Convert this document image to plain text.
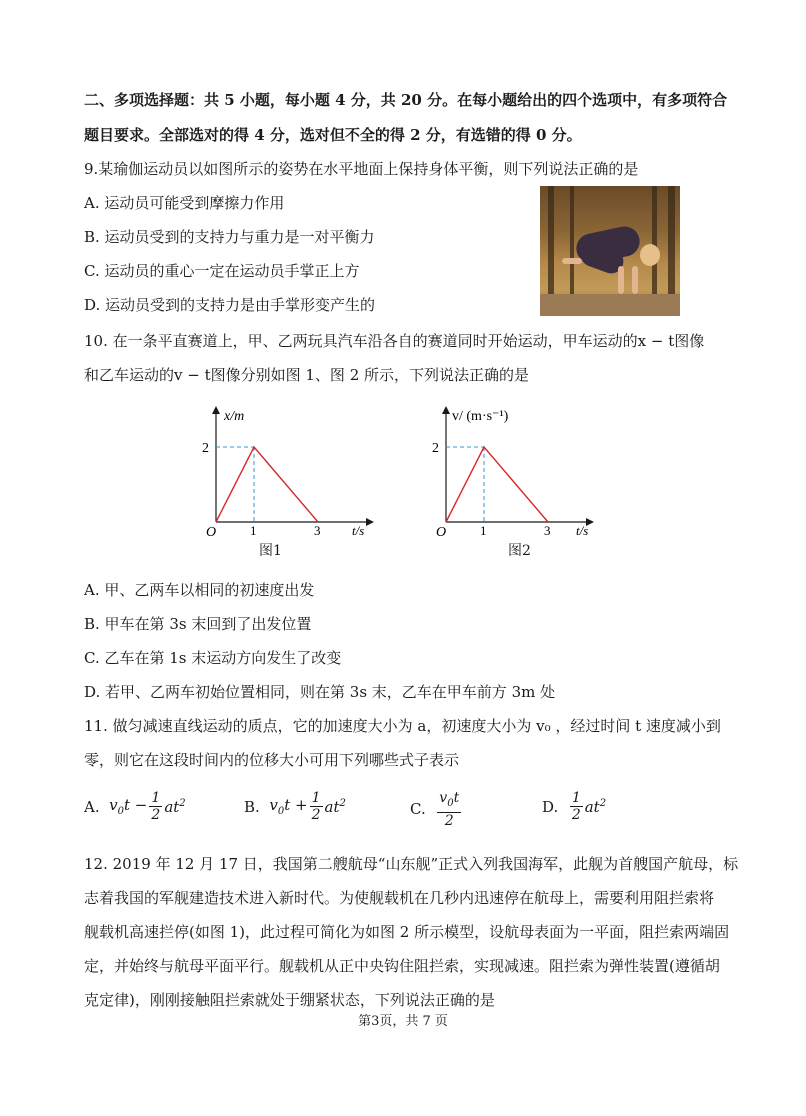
二、多项选择题：共 5 小题，每小题 4 分，共 20 分。在每小题给出的四个选项中，有多项符合
题目要求。全部选对的得 4 分，选对但不全的得 2 分，有选错的得 0 分。
9.某瑜伽运动员以如图所示的姿势在水平地面上保持身体平衡，则下列说法正确的是
A. 运动员可能受到摩擦力作用
B. 运动员受到的支持力与重力是一对平衡力
C. 运动员的重心一定在运动员手掌正上方
D. 运动员受到的支持力是由手掌形变产生的
10. 在一条平直赛道上，甲、乙两玩具汽车沿各自的赛道同时开始运动，甲车运动的x − t图像
和乙车运动的v − t图像分别如图 1、图 2 所示，下列说法正确的是
x/m
2
O	1	3 t/s
图1
v/ (m·s⁻¹)
2
O	1	3 t/s
图2
A. 甲、乙两车以相同的初速度出发
B. 甲车在第 3s 末回到了出发位置
C. 乙车在第 1s 末运动方向发生了改变
D. 若甲、乙两车初始位置相同，则在第 3s 末，乙车在甲车前方 3m 处
11. 做匀减速直线运动的质点，它的加速度大小为 a，初速度大小为 v₀ ，经过时间 t 速度减小到
零，则它在这段时间内的位移大小可用下列哪些式子表示
A.
$v_0t - \frac{1}{2} at^2$	B.
$v_0t + \frac{1}{2} at^2$	C.
$\frac{v_0t}{2}$	D.
$\frac{1}{2} at^2$
12. 2019 年 12 月 17 日，我国第二艘航母“山东舰”正式入列我国海军，此舰为首艘国产航母，标
志着我国的军舰建造技术进入新时代。为使舰载机在几秒内迅速停在航母上，需要利用阻拦索将
舰载机高速拦停(如图 1)，此过程可简化为如图 2 所示模型，设航母表面为一平面，阻拦索两端固
定，并始终与航母平面平行。舰载机从正中央钩住阻拦索，实现减速。阻拦索为弹性装置(遵循胡
克定律)，刚刚接触阻拦索就处于绷紧状态，下列说法正确的是
第3页，共 7 页
